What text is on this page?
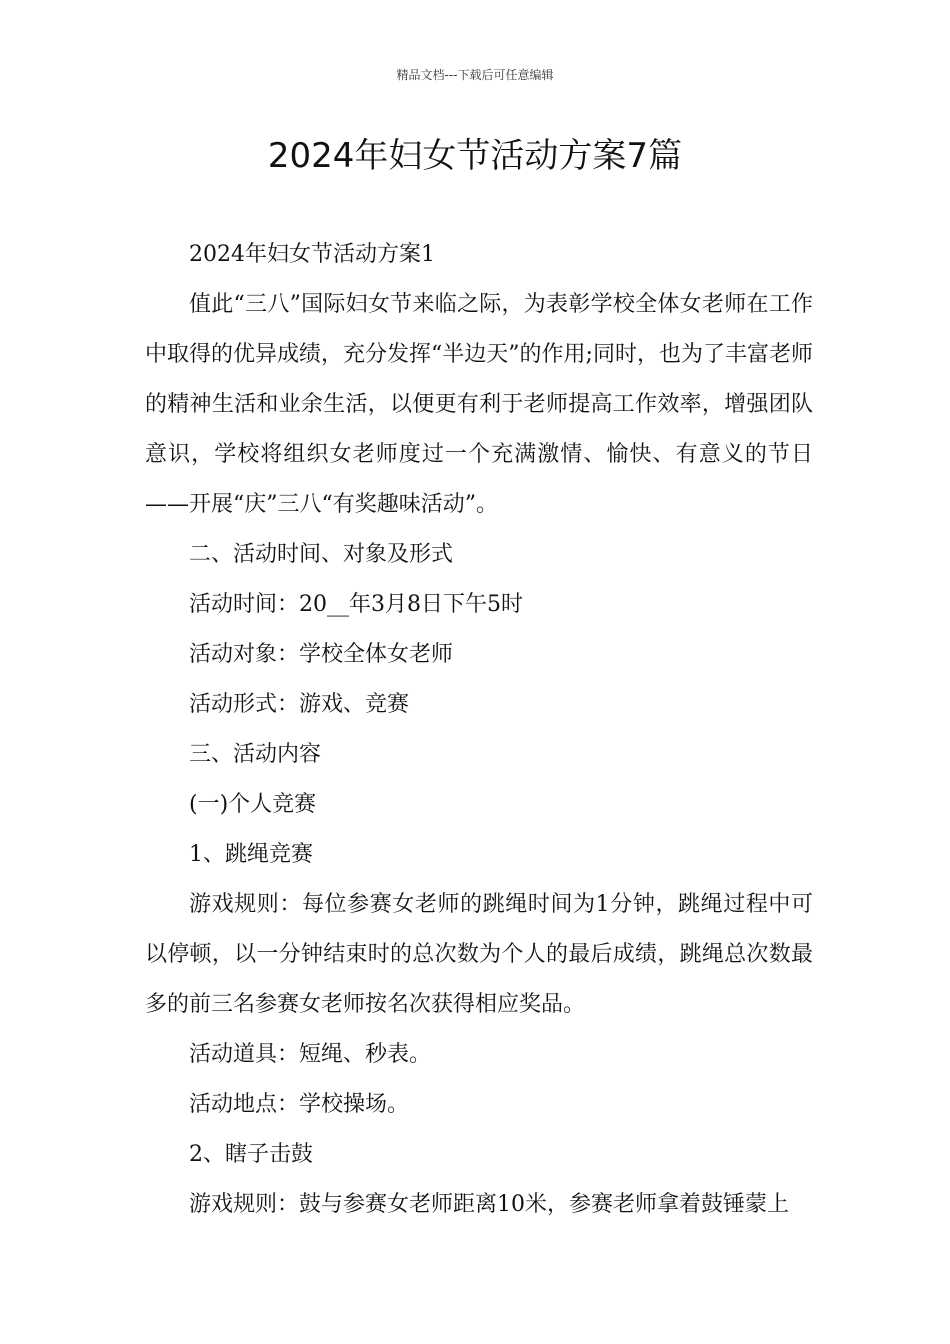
精品文档---下载后可任意编辑
2024年妇女节活动方案7篇

2024年妇女节活动方案1

值此“三八”国际妇女节来临之际，为表彰学校全体女老师在工作中取得的优异成绩，充分发挥“半边天”的作用;同时，也为了丰富老师的精神生活和业余生活，以便更有利于老师提高工作效率，增强团队意识，学校将组织女老师度过一个充满激情、愉快、有意义的节日——开展“庆”三八“有奖趣味活动”。

二、活动时间、对象及形式

活动时间：20__年3月8日下午5时

活动对象：学校全体女老师

活动形式：游戏、竞赛

三、活动内容

(一)个人竞赛

1、跳绳竞赛

游戏规则：每位参赛女老师的跳绳时间为1分钟，跳绳过程中可以停顿，以一分钟结束时的总次数为个人的最后成绩，跳绳总次数最多的前三名参赛女老师按名次获得相应奖品。

活动道具：短绳、秒表。

活动地点：学校操场。

2、瞎子击鼓

游戏规则：鼓与参赛女老师距离10米，参赛老师拿着鼓锤蒙上
